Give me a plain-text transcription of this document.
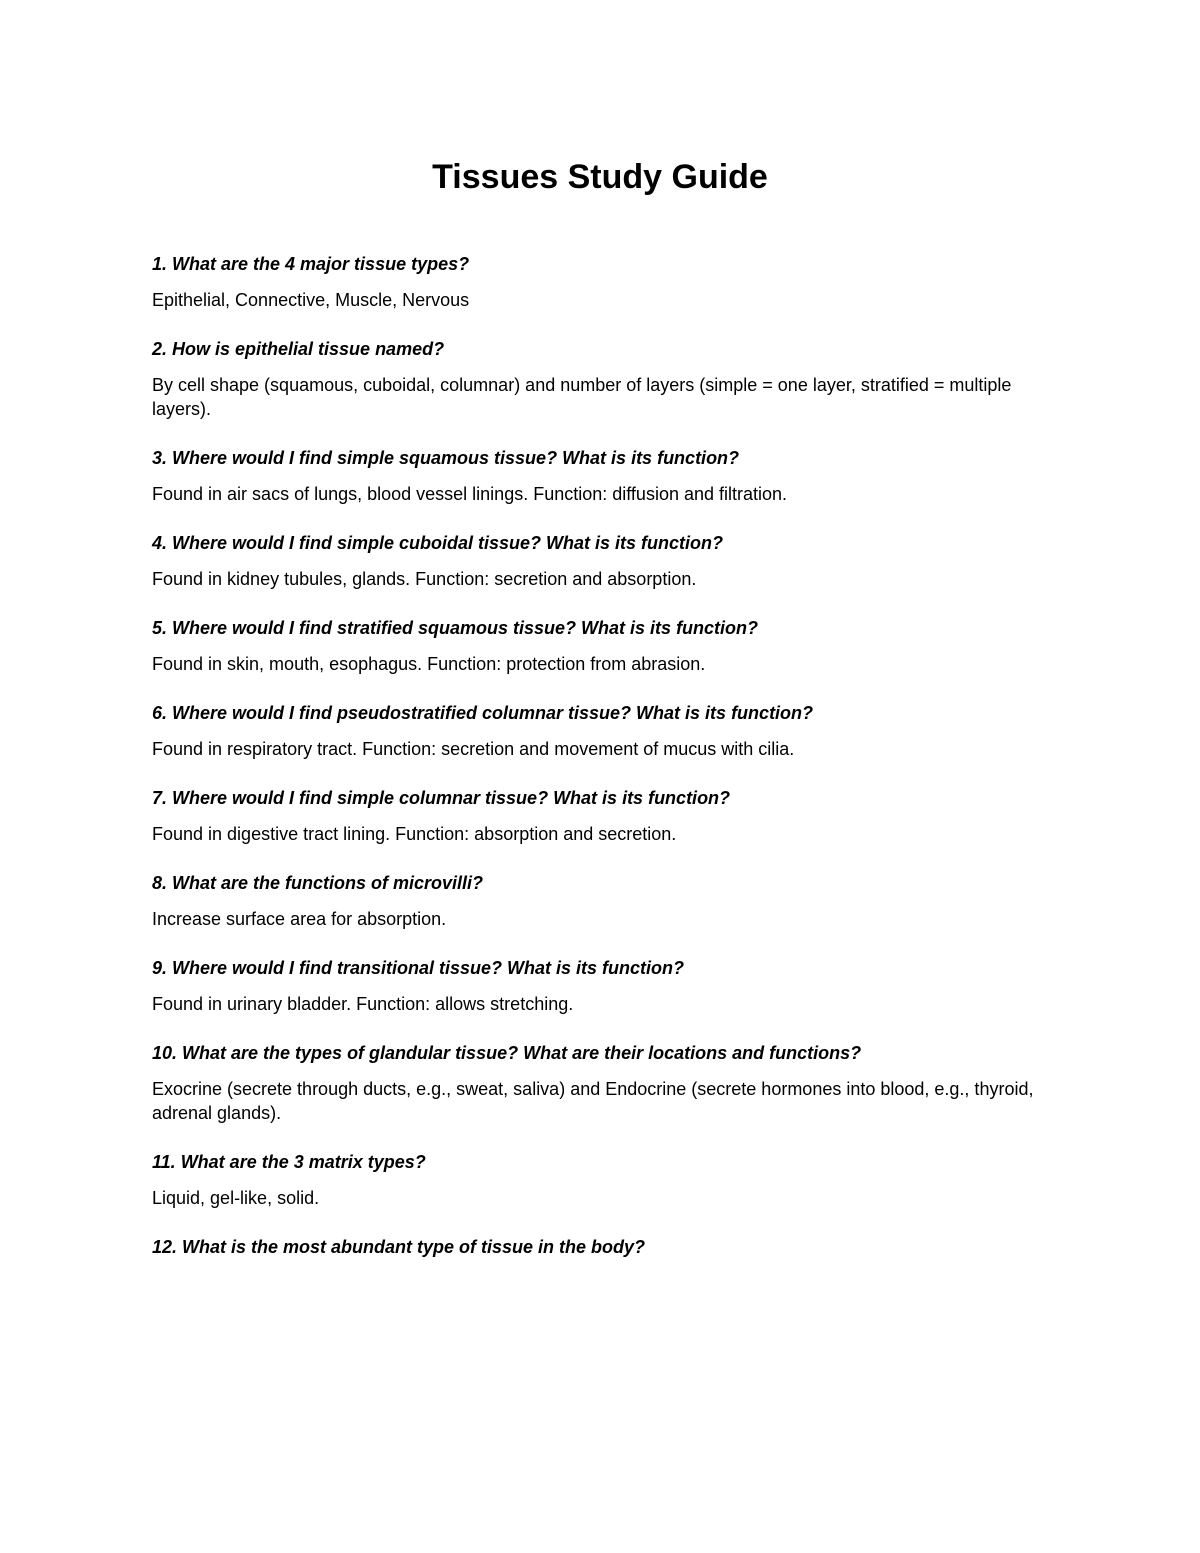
Tissues Study Guide

1. What are the 4 major tissue types?

Epithelial, Connective, Muscle, Nervous

2. How is epithelial tissue named?

By cell shape (squamous, cuboidal, columnar) and number of layers (simple = one layer, stratified = multiple layers).

3. Where would I find simple squamous tissue? What is its function?

Found in air sacs of lungs, blood vessel linings. Function: diffusion and filtration.

4. Where would I find simple cuboidal tissue? What is its function?

Found in kidney tubules, glands. Function: secretion and absorption.

5. Where would I find stratified squamous tissue? What is its function?

Found in skin, mouth, esophagus. Function: protection from abrasion.

6. Where would I find pseudostratified columnar tissue? What is its function?

Found in respiratory tract. Function: secretion and movement of mucus with cilia.

7. Where would I find simple columnar tissue? What is its function?

Found in digestive tract lining. Function: absorption and secretion.

8. What are the functions of microvilli?

Increase surface area for absorption.

9. Where would I find transitional tissue? What is its function?

Found in urinary bladder. Function: allows stretching.

10. What are the types of glandular tissue? What are their locations and functions?

Exocrine (secrete through ducts, e.g., sweat, saliva) and Endocrine (secrete hormones into blood, e.g., thyroid, adrenal glands).

11. What are the 3 matrix types?

Liquid, gel-like, solid.

12. What is the most abundant type of tissue in the body?
